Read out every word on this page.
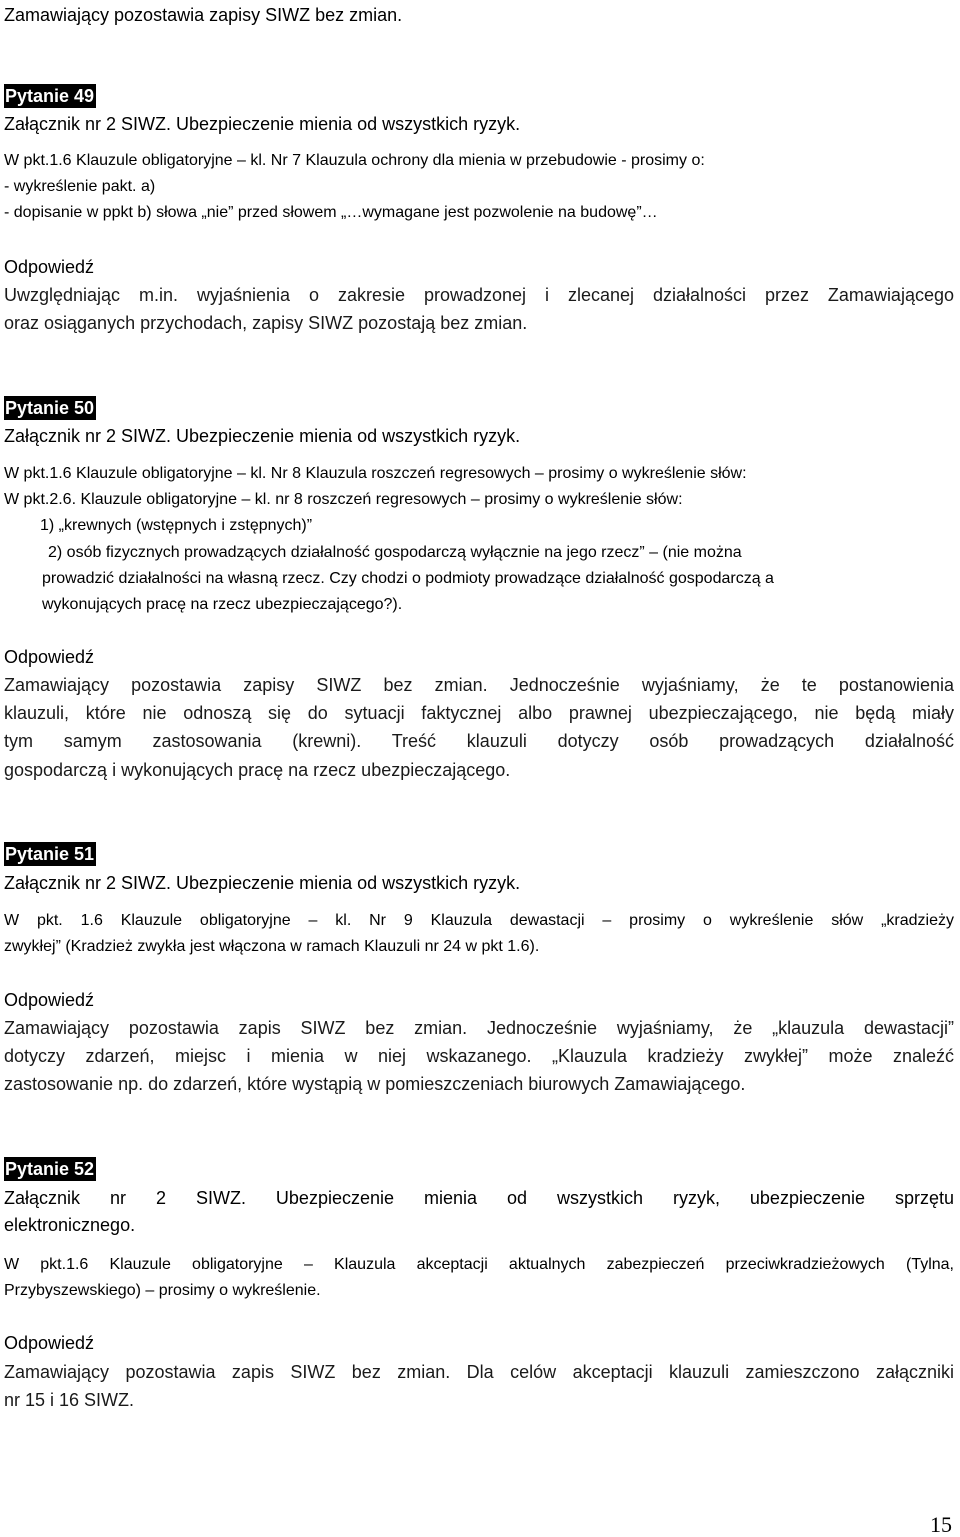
Zamawiający pozostawia zapisy SIWZ bez zmian.
Pytanie 49
Załącznik nr 2 SIWZ. Ubezpieczenie mienia od wszystkich ryzyk.
W pkt.1.6 Klauzule obligatoryjne – kl. Nr 7 Klauzula ochrony dla mienia w przebudowie - prosimy o:
- wykreślenie pakt. a)
- dopisanie w ppkt b) słowa „nie” przed słowem „…wymagane jest pozwolenie na budowę”…
Odpowiedź
Uwzględniając m.in. wyjaśnienia o zakresie prowadzonej i zlecanej działalności przez Zamawiającego
oraz osiąganych przychodach, zapisy SIWZ pozostają bez zmian.
Pytanie 50
Załącznik nr 2 SIWZ. Ubezpieczenie mienia od wszystkich ryzyk.
W pkt.1.6 Klauzule obligatoryjne – kl. Nr 8 Klauzula roszczeń regresowych – prosimy o wykreślenie słów:
W pkt.2.6. Klauzule obligatoryjne – kl. nr 8 roszczeń regresowych – prosimy o wykreślenie słów:
1) „krewnych (wstępnych i zstępnych)”
2) osób fizycznych prowadzących działalność gospodarczą wyłącznie na jego rzecz” – (nie można
prowadzić działalności na własną rzecz. Czy chodzi o podmioty prowadzące działalność gospodarczą a
wykonujących pracę na rzecz ubezpieczającego?).
Odpowiedź
Zamawiający pozostawia zapisy SIWZ bez zmian. Jednocześnie wyjaśniamy, że te postanowienia
klauzuli, które nie odnoszą się do sytuacji faktycznej albo prawnej ubezpieczającego, nie będą miały
tym samym zastosowania (krewni). Treść klauzuli dotyczy osób prowadzących działalność
gospodarczą i wykonujących pracę na rzecz ubezpieczającego.
Pytanie 51
Załącznik nr 2 SIWZ. Ubezpieczenie mienia od wszystkich ryzyk.
W pkt. 1.6 Klauzule obligatoryjne – kl. Nr 9 Klauzula dewastacji – prosimy o wykreślenie słów „kradzieży
zwykłej” (Kradzież zwykła jest włączona w ramach Klauzuli nr 24 w pkt 1.6).
Odpowiedź
Zamawiający pozostawia zapis SIWZ bez zmian. Jednocześnie wyjaśniamy, że „klauzula dewastacji”
dotyczy zdarzeń, miejsc i mienia w niej wskazanego. „Klauzula kradzieży zwykłej” może znaleźć
zastosowanie np. do zdarzeń, które wystąpią w pomieszczeniach biurowych Zamawiającego.
Pytanie 52
Załącznik nr 2 SIWZ. Ubezpieczenie mienia od wszystkich ryzyk, ubezpieczenie sprzętu
elektronicznego.
W pkt.1.6 Klauzule obligatoryjne – Klauzula akceptacji aktualnych zabezpieczeń przeciwkradzieżowych (Tylna,
Przybyszewskiego) – prosimy o wykreślenie.
Odpowiedź
Zamawiający pozostawia zapis SIWZ bez zmian. Dla celów akceptacji klauzuli zamieszczono załączniki
nr 15 i 16 SIWZ.
15
